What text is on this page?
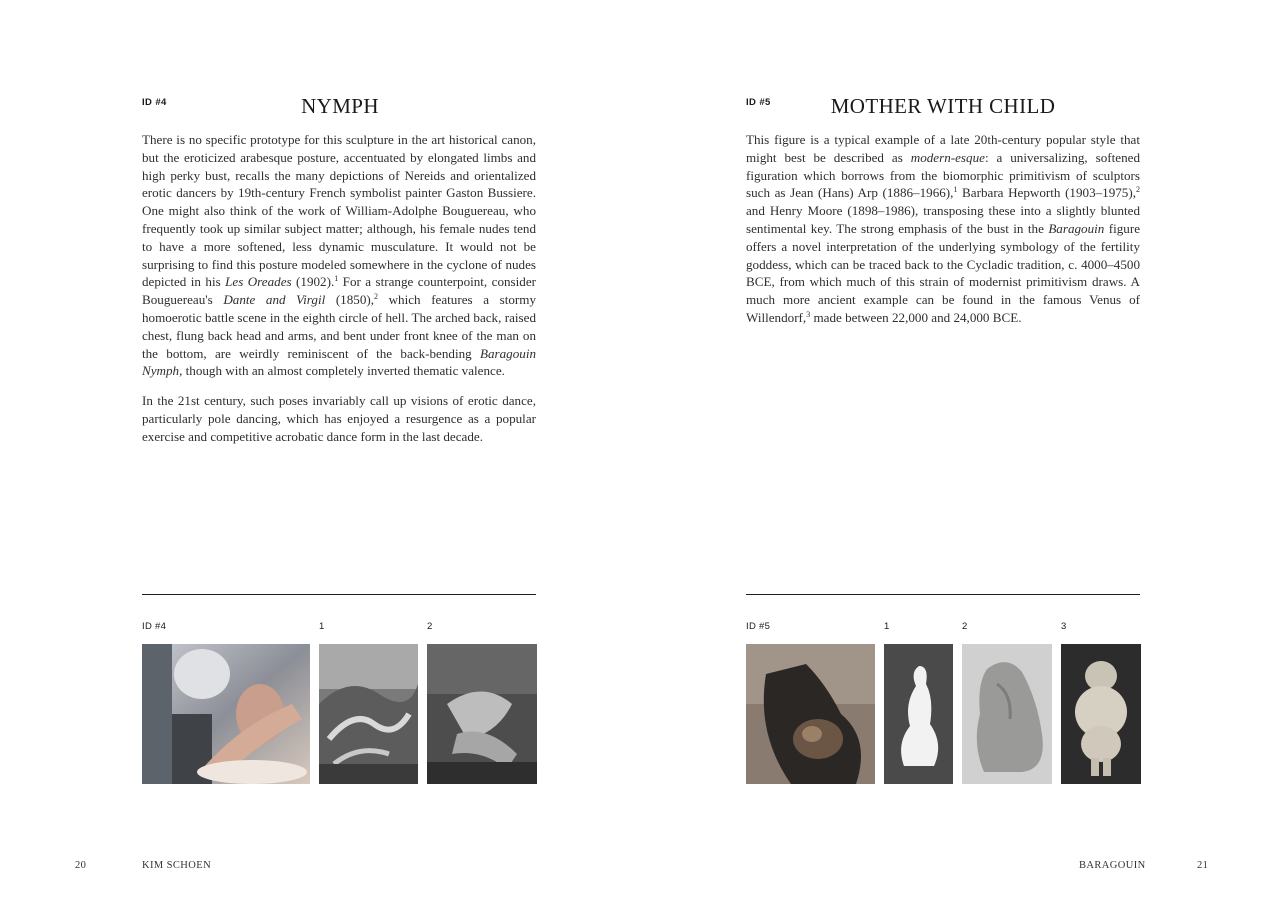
ID #4	NYMPH

There is no specific prototype for this sculpture in the art historical canon, but the eroticized arabesque posture, accentuated by elongated limbs and high perky bust, recalls the many depictions of Nereids and orientalized erotic dancers by 19th-century French symbolist painter Gaston Bussiere. One might also think of the work of William-Adolphe Bouguereau, who frequently took up similar subject matter; although, his female nudes tend to have a more softened, less dynamic musculature. It would not be surprising to find this posture modeled somewhere in the cyclone of nudes depicted in his Les Oreades (1902).$^1$ For a strange counterpoint, consider Bouguereau's Dante and Virgil (1850),$^2$ which features a stormy homoerotic battle scene in the eighth circle of hell. The arched back, raised chest, flung back head and arms, and bent under front knee of the man on the bottom, are weirdly reminiscent of the back-bending Baragouin Nymph, though with an almost completely inverted thematic valence.

In the 21st century, such poses invariably call up visions of erotic dance, particularly pole dancing, which has enjoyed a resurgence as a popular exercise and competitive acrobatic dance form in the last decade.

ID #4	1	2
20	KIM SCHOEN
ID #5	MOTHER WITH CHILD

This figure is a typical example of a late 20th-century popular style that might best be described as modern-esque: a universalizing, softened figuration which borrows from the biomorphic primitivism of sculptors such as Jean (Hans) Arp (1886–1966),$^1$ Barbara Hepworth (1903–1975),$^2$ and Henry Moore (1898–1986), transposing these into a slightly blunted sentimental key. The strong emphasis of the bust in the Baragouin figure offers a novel interpretation of the underlying symbology of the fertility goddess, which can be traced back to the Cycladic tradition, c. 4000–4500 BCE, from which much of this strain of modernist primitivism draws. A much more ancient example can be found in the famous Venus of Willendorf,$^3$ made between 22,000 and 24,000 BCE.

ID #5	1	2	3
BARAGOUIN	21
